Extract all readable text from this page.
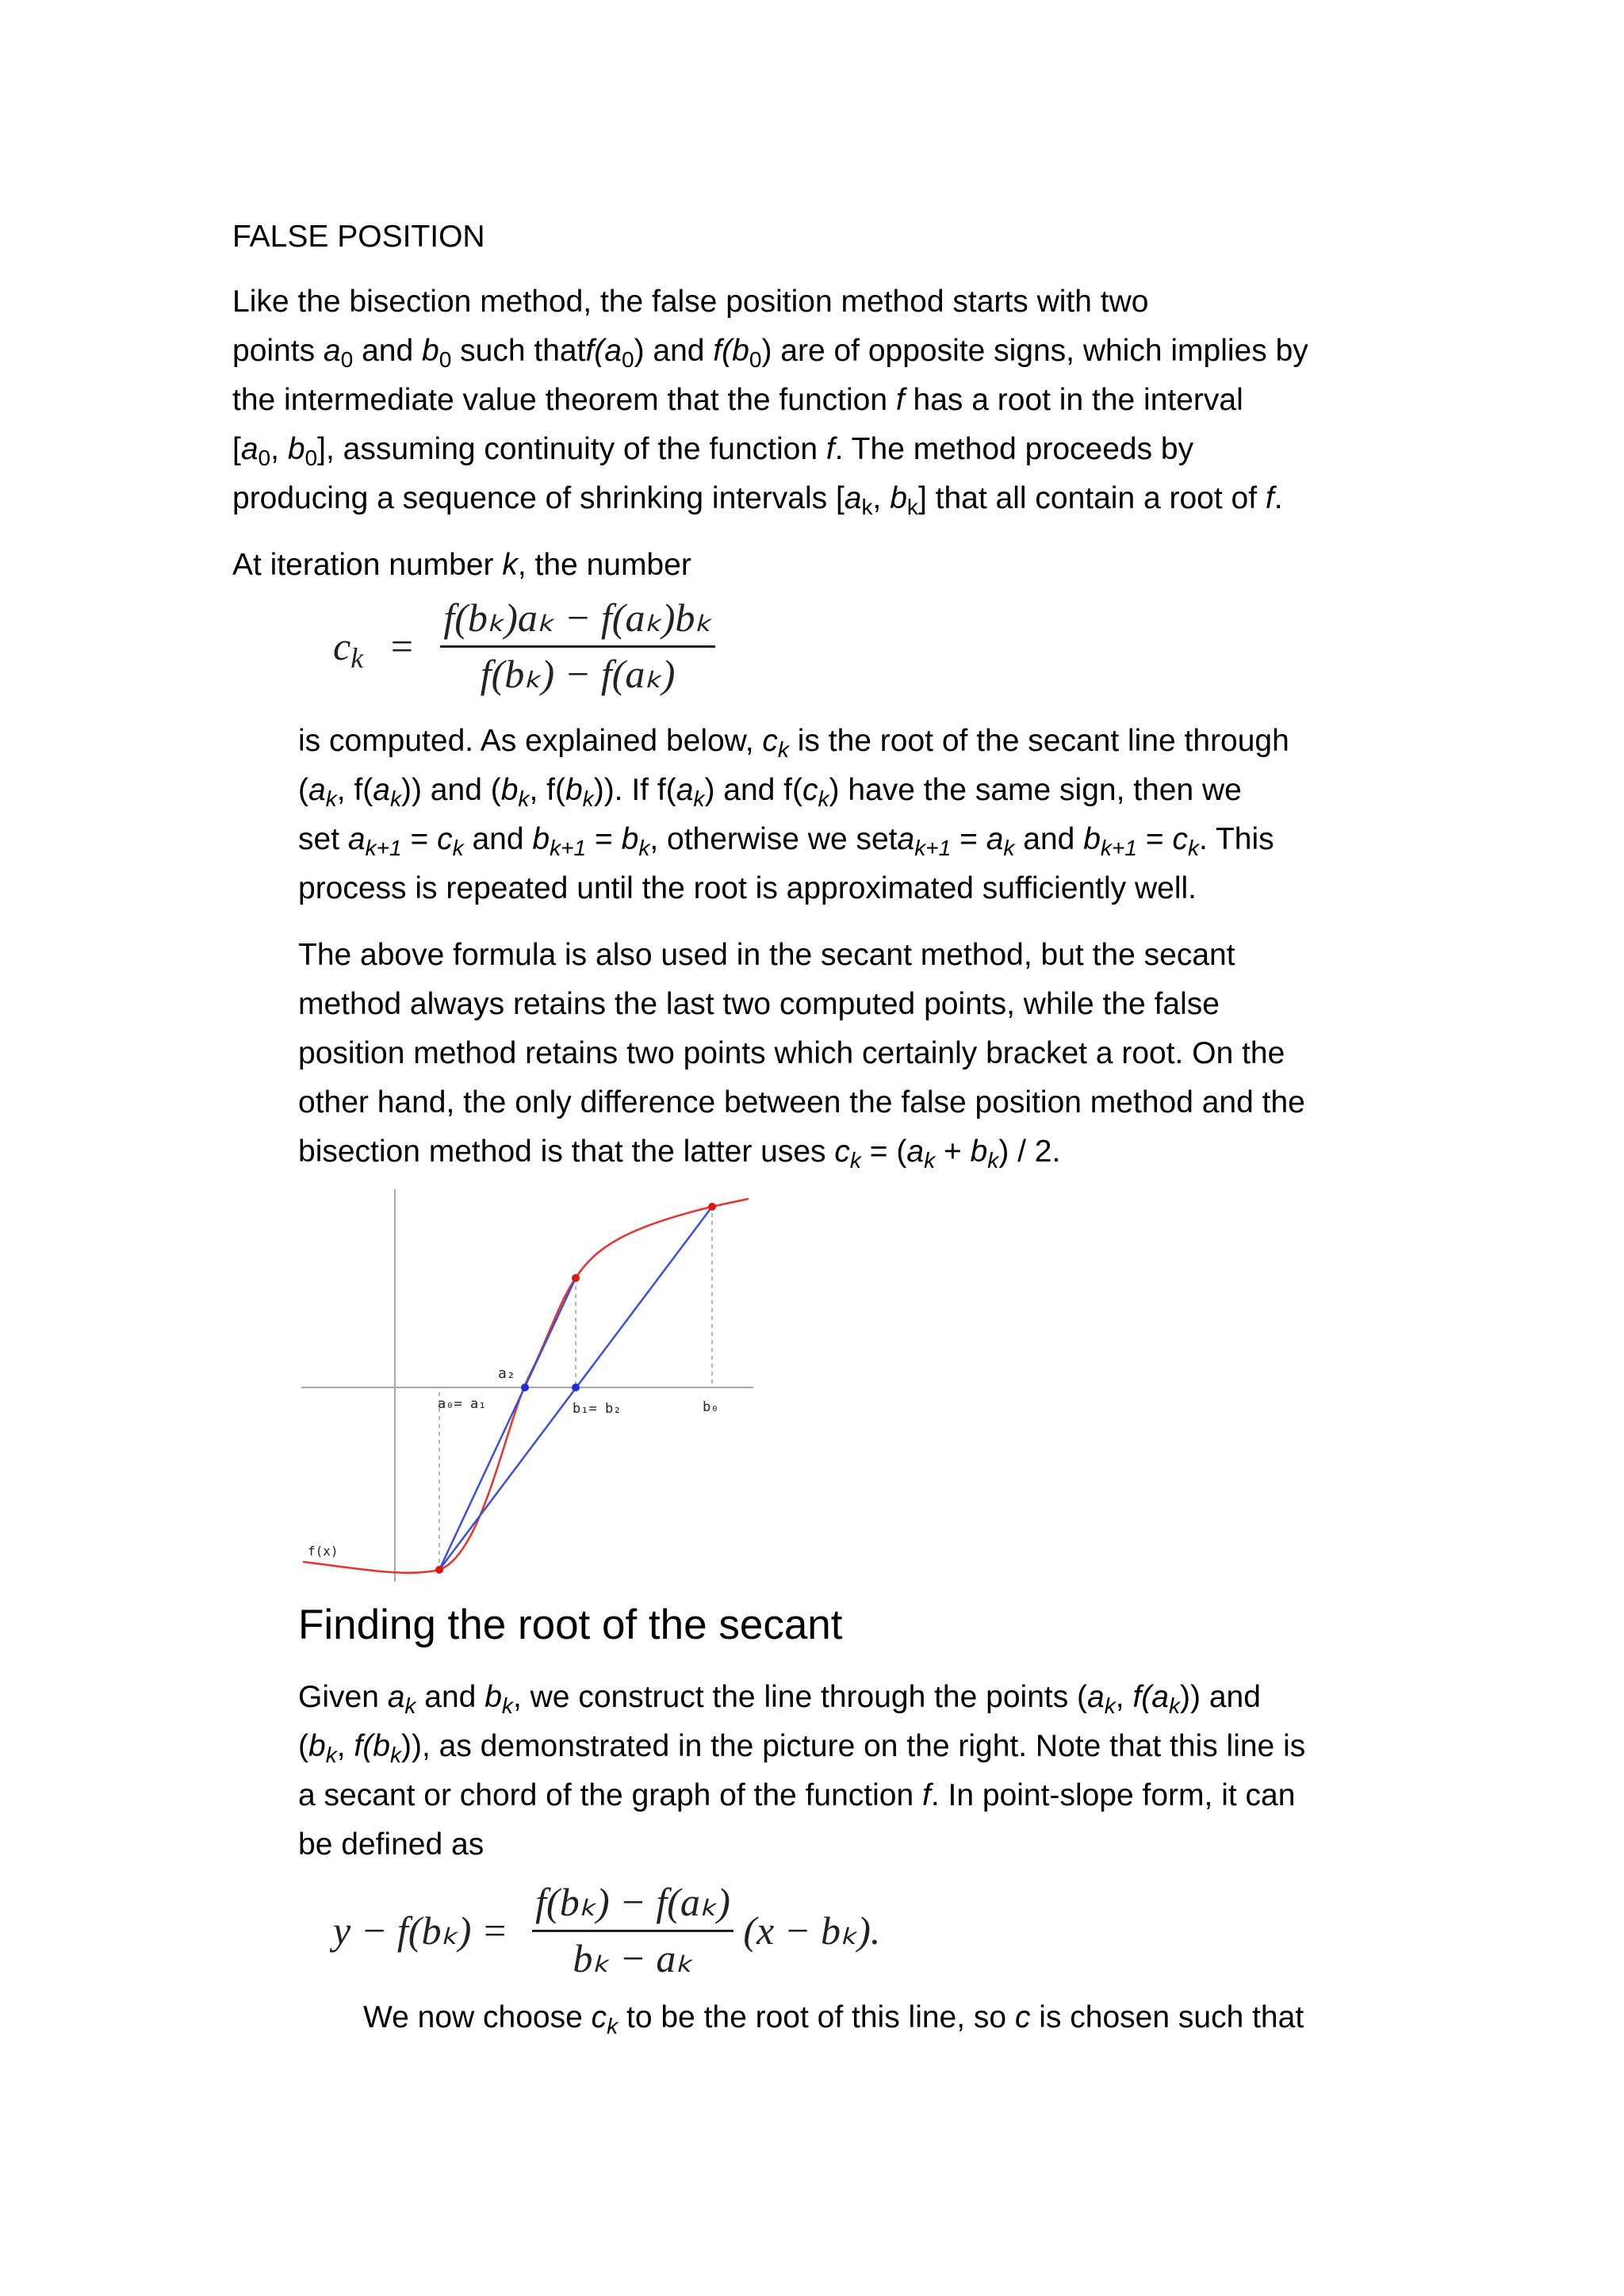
FALSE POSITION

Like the bisection method, the false position method starts with two

points $a_0$ and $b_0$ such $thatf(a_0)$ and $f(b_0)$ are of opposite signs, which implies by

the intermediate value theorem that the function f has a root in the interval

[$a_0$, $b_0$], assuming continuity of the function f. The method proceeds by

producing a sequence of shrinking intervals [$a_k$, $b_k$] that all contain a root of f.

At iteration number k, the number

$c_k = \frac{\text{f(bₖ)aₖ − f(aₖ)bₖ}}{\text{f(bₖ) − f(aₖ)}}$

is computed. As explained below, $c_k$ is the root of the secant line through

($a_k$, $f(a_k)$) and ($b_k$, $f(b_k)$). If $f(a_k)$ and $f(c_k)$ have the same sign, then we

set $a_{k+1} = c_k$ and $b_{k+1} = b_k$, otherwise we seta$_{k+1}$ = $a_k$ and $b_{k+1} = c_k$. This

process is repeated until the root is approximated sufficiently well.

The above formula is also used in the secant method, but the secant

method always retains the last two computed points, while the false

position method retains two points which certainly bracket a root. On the

other hand, the only difference between the false position method and the

bisection method is that the latter uses $c_k = (a_k + b_k) / 2$.

a₂
a₀= a₁	b₁= b₂	b₀
f(x)
Finding the root of the secant

Given $a_k$ and $b_k$, we construct the line through the points ($a_k$, $f(a_k)$) and

($b_k$, $f(b_k)$), as demonstrated in the picture on the right. Note that this line is

a secant or chord of the graph of the function f. In point-slope form, it can

be defined as

$y - f(b_k) = \frac{\text{f(bₖ) − f(aₖ)}}{\text{bₖ − aₖ}} (x - b_k)$.

We now choose $c_k$ to be the root of this line, so c is chosen such that
